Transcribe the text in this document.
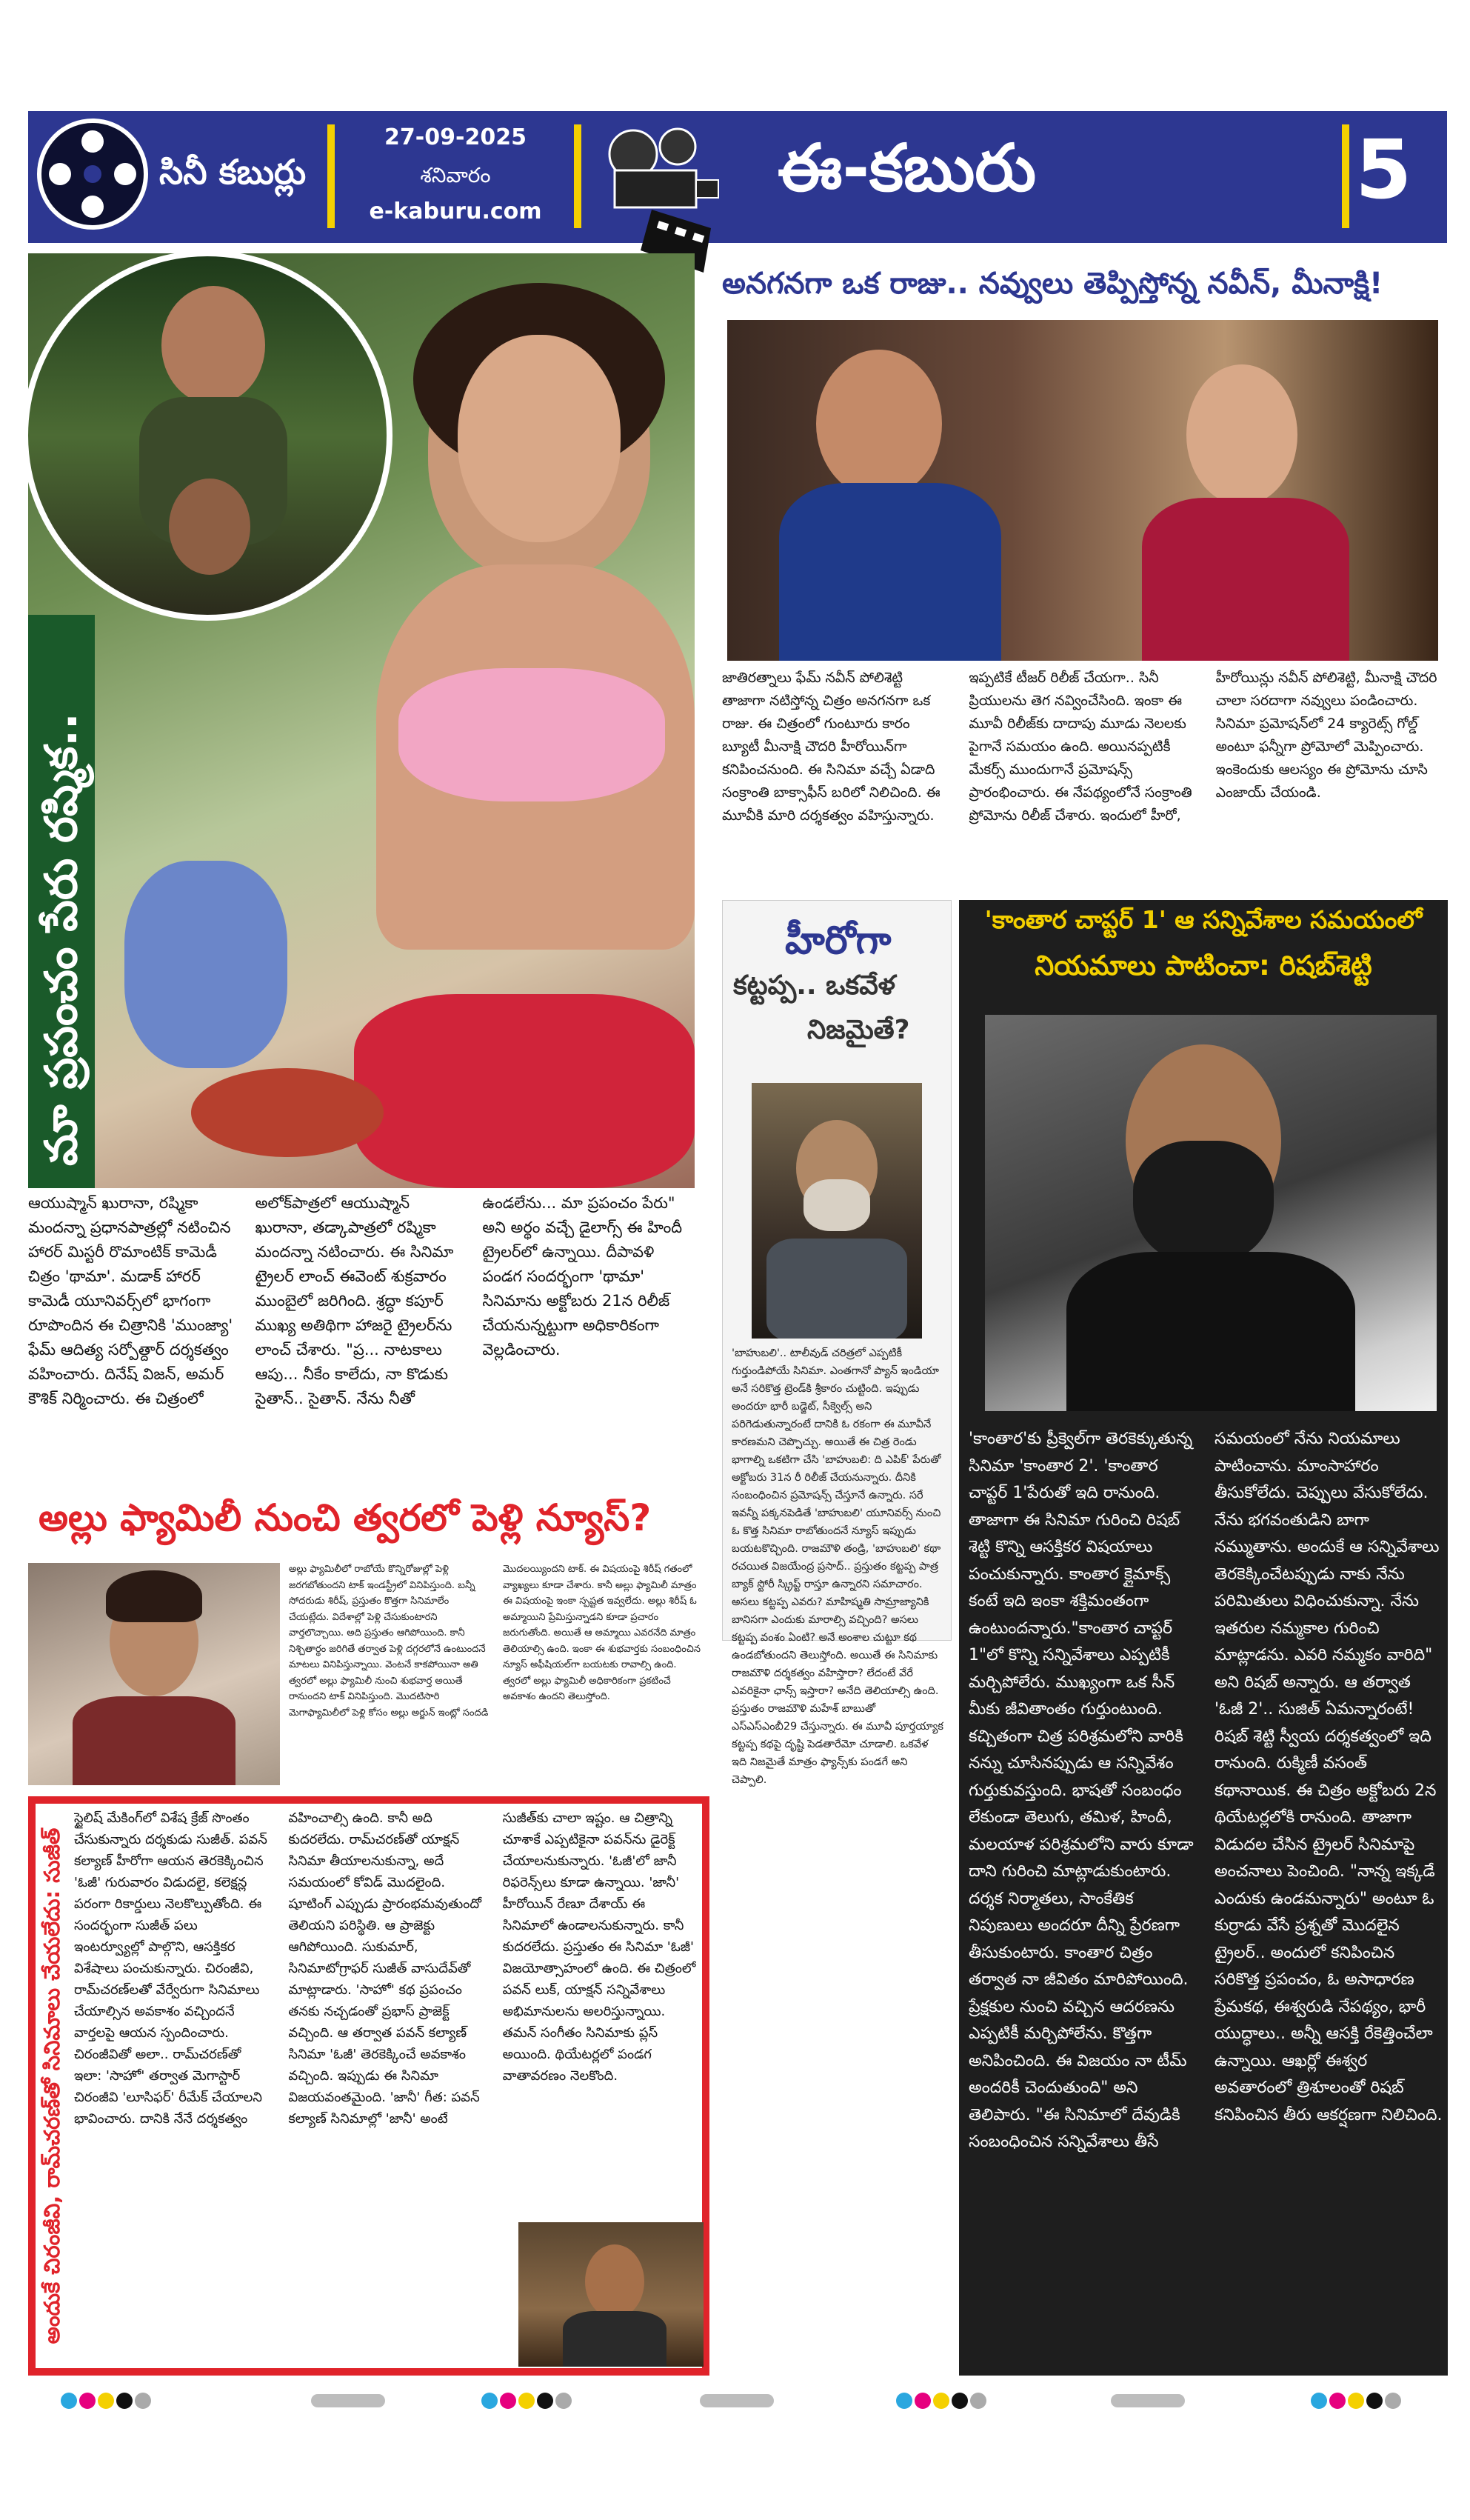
సినీ కబుర్లు
27-09-2025
శనివారం
e-kaburu.com
ఈ-కబురు	5
మా ప్రపంచం పేరు రష్మిక..
ఆయుష్మాన్ ఖురానా, రష్మికా మందన్నా ప్రధానపాత్రల్లో నటించిన హారర్ మిస్టరీ రొమాంటిక్ కామెడీ చిత్రం 'థామా'. మడాక్ హారర్ కామెడీ యూనివర్స్‌లో భాగంగా రూపొందిన ఈ చిత్రానికి 'ముంజ్యా' ఫేమ్ ఆదిత్య సర్పోత్దార్ దర్శకత్వం వహించారు. దినేష్ విజన్, అమర్ కౌశిక్ నిర్మించారు. ఈ చిత్రంలో అలోక్‌పాత్రలో ఆయుష్మాన్ ఖురానా, తడ్కాపాత్రలో రష్మికా మందన్నా నటించారు. ఈ సినిమా ట్రైలర్ లాంచ్ ఈవెంట్ శుక్రవారం ముంబైలో జరిగింది. శ్రద్ధా కపూర్ ముఖ్య అతిథిగా హాజరై ట్రైలర్‌ను లాంచ్ చేశారు. "ప్ర... నాటకాలు ఆపు... నీకేం కాలేదు, నా కొడుకు సైతాన్.. సైతాన్. నేను నీతో ఉండలేను... మా ప్రపంచం పేరు" అని అర్థం వచ్చే డైలాగ్స్ ఈ హిందీ ట్రైలర్‌లో ఉన్నాయి. దీపావళి పండగ సందర్భంగా 'థామా' సినిమాను అక్టోబరు 21న రిలీజ్ చేయనున్నట్టుగా అధికారికంగా వెల్లడించారు.
అనగనగా ఒక రాజు.. నవ్వులు తెప్పిస్తోన్న నవీన్, మీనాక్షి!
జాతిరత్నాలు ఫేమ్ నవీన్ పోలిశెట్టి తాజాగా నటిస్తోన్న చిత్రం అనగనగా ఒక రాజు. ఈ చిత్రంలో గుంటూరు కారం బ్యూటీ మీనాక్షి చౌదరి హీరోయిన్‌గా కనిపించనుంది. ఈ సినిమా వచ్చే ఏడాది సంక్రాంతి బాక్సాఫీస్ బరిలో నిలిచింది. ఈ మూవీకి మారి దర్శకత్వం వహిస్తున్నారు. ఇప్పటికే టీజర్ రిలీజ్ చేయగా.. సినీ ప్రియులను తెగ నవ్వించేసింది. ఇంకా ఈ మూవీ రిలీజ్‌కు దాదాపు మూడు నెలలకు పైగానే సమయం ఉంది. అయినప్పటికీ మేకర్స్ ముందుగానే ప్రమోషన్స్ ప్రారంభించారు. ఈ నేపథ్యంలోనే సంక్రాంతి ప్రోమోను రిలీజ్ చేశారు. ఇందులో హీరో, హీరోయిన్లు నవీన్ పోలిశెట్టి, మీనాక్షి చౌదరి చాలా సరదాగా నవ్వులు పండించారు. సినిమా ప్రమోషన్‌లో 24 క్యారెట్స్ గోల్డ్ అంటూ ఫన్నీగా ప్రోమోలో మెప్పించారు. ఇంకెందుకు ఆలస్యం ఈ ప్రోమోను చూసి ఎంజాయ్ చేయండి.
హీరోగా
కట్టప్ప.. ఒకవేళ
నిజమైతే?
'బాహుబలి'.. టాలీవుడ్ చరిత్రలో ఎప్పటికీ గుర్తుండిపోయే సినిమా. ఎంతగానో ప్యాన్ ఇండియా అనే సరికొత్త ట్రెండ్‌కి శ్రీకారం చుట్టింది. ఇప్పుడు అందరూ భారీ బడ్జెట్, సీక్వెల్స్ అని పరిగెడుతున్నారంటే దానికి ఓ రకంగా ఈ మూవీనే కారణమని చెప్పొచ్చు. అయితే ఈ చిత్ర రెండు భాగాల్ని ఒకటిగా చేసి 'బాహుబలి: ది ఎపిక్' పేరుతో అక్టోబరు 31న రీ రిలీజ్ చేయనున్నారు. దీనికి సంబంధించిన ప్రమోషన్స్ చేస్తూనే ఉన్నారు. సరే ఇవన్నీ పక్కనపెడితే 'బాహుబలి' యూనివర్స్ నుంచి ఓ కొత్త సినిమా రాబోతుందనే న్యూస్ ఇప్పుడు బయటకొచ్చింది. రాజమౌళి తండ్రి, 'బాహుబలి' కథా రచయిత విజయేంద్ర ప్రసాద్.. ప్రస్తుతం కట్టప్ప పాత్ర బ్యాక్ స్టోరీ స్క్రిప్ట్ రాస్తూ ఉన్నారని సమాచారం. అసలు కట్టప్ప ఎవరు? మాహిష్మతి సామ్రాజ్యానికి బానిసగా ఎందుకు మారాల్సి వచ్చింది? అసలు కట్టప్ప వంశం ఏంటి? అనే అంశాల చుట్టూ కథ ఉండబోతుందని తెలుస్తోంది. అయితే ఈ సినిమాకు రాజమౌళి దర్శకత్వం వహిస్తారా? లేదంటే వేరే ఎవరికైనా ఛాన్స్ ఇస్తారా? అనేది తెలియాల్సి ఉంది. ప్రస్తుతం రాజమౌళి మహేశ్ బాబుతో ఎస్ఎస్ఎంబీ29 చేస్తున్నారు. ఈ మూవీ పూర్తయ్యాక కట్టప్ప కథపై దృష్టి పెడతారేమో చూడాలి. ఒకవేళ ఇది నిజమైతే మాత్రం ఫ్యాన్స్‌కు పండగే అని చెప్పాలి.
'కాంతార చాప్టర్ 1' ఆ సన్నివేశాల సమయంలో
నియమాలు పాటించా: రిషబ్‌శెట్టి
'కాంతార'కు ప్రీక్వెల్‌గా తెరకెక్కుతున్న సినిమా 'కాంతార 2'. 'కాంతార చాప్టర్ 1'పేరుతో ఇది రానుంది. తాజాగా ఈ సినిమా గురించి రిషబ్ శెట్టి కొన్ని ఆసక్తికర విషయాలు పంచుకున్నారు. కాంతార క్లైమాక్స్ కంటే ఇది ఇంకా శక్తిమంతంగా ఉంటుందన్నారు."కాంతార చాప్టర్ 1"లో కొన్ని సన్నివేశాలు ఎప్పటికీ మర్చిపోలేరు. ముఖ్యంగా ఒక సీన్ మీకు జీవితాంతం గుర్తుంటుంది. కచ్చితంగా చిత్ర పరిశ్రమలోని వారికి నన్ను చూసినప్పుడు ఆ సన్నివేశం గుర్తుకువస్తుంది. భాషతో సంబంధం లేకుండా తెలుగు, తమిళ, హిందీ, మలయాళ పరిశ్రమలోని వారు కూడా దాని గురించి మాట్లాడుకుంటారు. దర్శక నిర్మాతలు, సాంకేతిక నిపుణులు అందరూ దీన్ని ప్రేరణగా తీసుకుంటారు. కాంతార చిత్రం తర్వాత నా జీవితం మారిపోయింది. ప్రేక్షకుల నుంచి వచ్చిన ఆదరణను ఎప్పటికీ మర్చిపోలేను. కొత్తగా అనిపించింది. ఈ విజయం నా టీమ్ అందరికీ చెందుతుంది" అని తెలిపారు. "ఈ సినిమాలో దేవుడికి సంబంధించిన సన్నివేశాలు తీసే సమయంలో నేను నియమాలు పాటించాను. మాంసాహారం తీసుకోలేదు. చెప్పులు వేసుకోలేదు. నేను భగవంతుడిని బాగా నమ్ముతాను. అందుకే ఆ సన్నివేశాలు తెరకెక్కించేటప్పుడు నాకు నేను పరిమితులు విధించుకున్నా. నేను ఇతరుల నమ్మకాల గురించి మాట్లాడను. ఎవరి నమ్మకం వారిది" అని రిషబ్ అన్నారు. ఆ తర్వాత 'ఓజీ 2'.. సుజిత్ ఏమన్నారంటే! రిషబ్ శెట్టి స్వీయ దర్శకత్వంలో ఇది రానుంది. రుక్మిణీ వసంత్ కథానాయిక. ఈ చిత్రం అక్టోబరు 2న థియేటర్లలోకి రానుంది. తాజాగా విడుదల చేసిన ట్రైలర్ సినిమాపై అంచనాలు పెంచింది. "నాన్న ఇక్కడే ఎందుకు ఉండమన్నారు" అంటూ ఓ కుర్రాడు వేసే ప్రశ్నతో మొదలైన ట్రైలర్.. అందులో కనిపించిన సరికొత్త ప్రపంచం, ఓ అసాధారణ ప్రేమకథ, ఈశ్వరుడి నేపథ్యం, భారీ యుద్ధాలు.. అన్నీ ఆసక్తి రేకెత్తించేలా ఉన్నాయి. ఆఖర్లో ఈశ్వర అవతారంలో త్రిశూలంతో రిషబ్ కనిపించిన తీరు ఆకర్షణగా నిలిచింది.
అల్లు ఫ్యామిలీ నుంచి త్వరలో పెళ్లి న్యూస్?
అల్లు ఫ్యామిలీలో రాబోయే కొన్నిరోజుల్లో పెళ్లి జరగబోతుందని టాక్ ఇండస్ట్రీలో వినిపిస్తుంది. బన్నీ సోదరుడు శిరీష్, ప్రస్తుతం కొత్తగా సినిమాలేం చేయట్లేదు. విదేశాల్లో పెళ్లి చేసుకుంటారని వార్తలొచ్చాయి. అది ప్రస్తుతం ఆగిపోయింది. కానీ నిశ్చితార్థం జరిగితే తర్వాత పెళ్లి దగ్గరలోనే ఉంటుందనే మాటలు వినిపిస్తున్నాయి. వెంటనే కాకపోయినా అతి త్వరలో అల్లు ఫ్యామిలీ నుంచి శుభవార్త అయితే రానుందని టాక్ వినిపిస్తుంది. మొదటిసారి మెగాఫ్యామిలీలో పెళ్లి కోసం అల్లు అర్జున్ ఇంట్లో సందడి మొదలయ్యిందని టాక్. ఈ విషయంపై శిరీష్ గతంలో వ్యాఖ్యలు కూడా చేశారు. కానీ అల్లు ఫ్యామిలీ మాత్రం ఈ విషయంపై ఇంకా స్పష్టత ఇవ్వలేదు. అల్లు శిరీష్ ఓ అమ్మాయిని ప్రేమిస్తున్నాడని కూడా ప్రచారం జరుగుతోంది. అయితే ఆ అమ్మాయి ఎవరనేది మాత్రం తెలియాల్సి ఉంది. ఇంకా ఈ శుభవార్తకు సంబంధించిన న్యూస్ అఫీషియల్‌గా బయటకు రావాల్సి ఉంది. త్వరలో అల్లు ఫ్యామిలీ అధికారికంగా ప్రకటించే అవకాశం ఉందని తెలుస్తోంది.
అందుకే చిరంజీవి, రామ్‌చరణ్‌తో సినిమాలు చేయలేదు: సుజీత్
స్టైలిష్ మేకింగ్‌లో విశేష క్రేజ్ సొంతం చేసుకున్నారు దర్శకుడు సుజీత్. పవన్ కల్యాణ్ హీరోగా ఆయన తెరకెక్కించిన 'ఓజీ' గురువారం విడుదలై, కలెక్షన్ల పరంగా రికార్డులు నెలకొల్పుతోంది. ఈ సందర్భంగా సుజీత్ పలు ఇంటర్వ్యూల్లో పాల్గొని, ఆసక్తికర విశేషాలు పంచుకున్నారు. చిరంజీవి, రామ్‌చరణ్‌లతో వేర్వేరుగా సినిమాలు చేయాల్సిన అవకాశం వచ్చిందనే వార్తలపై ఆయన స్పందించారు. చిరంజీవితో అలా.. రామ్‌చరణ్‌తో ఇలా: 'సాహో' తర్వాత మెగాస్టార్ చిరంజీవి 'లూసిఫర్' రీమేక్ చేయాలని భావించారు. దానికి నేనే దర్శకత్వం వహించాల్సి ఉంది. కానీ అది కుదరలేదు. రామ్‌చరణ్‌తో యాక్షన్ సినిమా తీయాలనుకున్నా, అదే సమయంలో కోవిడ్ మొదలైంది. షూటింగ్ ఎప్పుడు ప్రారంభమవుతుందో తెలియని పరిస్థితి. ఆ ప్రాజెక్టు ఆగిపోయింది. సుకుమార్, సినిమాటోగ్రాఫర్ సుజీత్ వాసుదేవ్‌తో మాట్లాడారు. 'సాహో' కథ ప్రపంచం తనకు నచ్చడంతో ప్రభాస్ ప్రాజెక్ట్‌ వచ్చింది. ఆ తర్వాత పవన్ కల్యాణ్ సినిమా 'ఓజీ' తెరకెక్కించే అవకాశం వచ్చింది. ఇప్పుడు ఈ సినిమా విజయవంతమైంది. 'జానీ' గీత: పవన్ కల్యాణ్ సినిమాల్లో 'జానీ' అంటే సుజీత్‌కు చాలా ఇష్టం. ఆ చిత్రాన్ని చూశాకే ఎప్పటికైనా పవన్‌ను డైరెక్ట్ చేయాలనుకున్నారు. 'ఓజీ'లో జానీ రిఫరెన్స్‌లు కూడా ఉన్నాయి. 'జానీ' హీరోయిన్ రేణూ దేశాయ్ ఈ సినిమాలో ఉండాలనుకున్నారు. కానీ కుదరలేదు. ప్రస్తుతం ఈ సినిమా 'ఓజీ' విజయోత్సాహంలో ఉంది. ఈ చిత్రంలో పవన్ లుక్, యాక్షన్ సన్నివేశాలు అభిమానులను అలరిస్తున్నాయి. తమన్ సంగీతం సినిమాకు ప్లస్ అయింది. థియేటర్లలో పండగ వాతావరణం నెలకొంది.
